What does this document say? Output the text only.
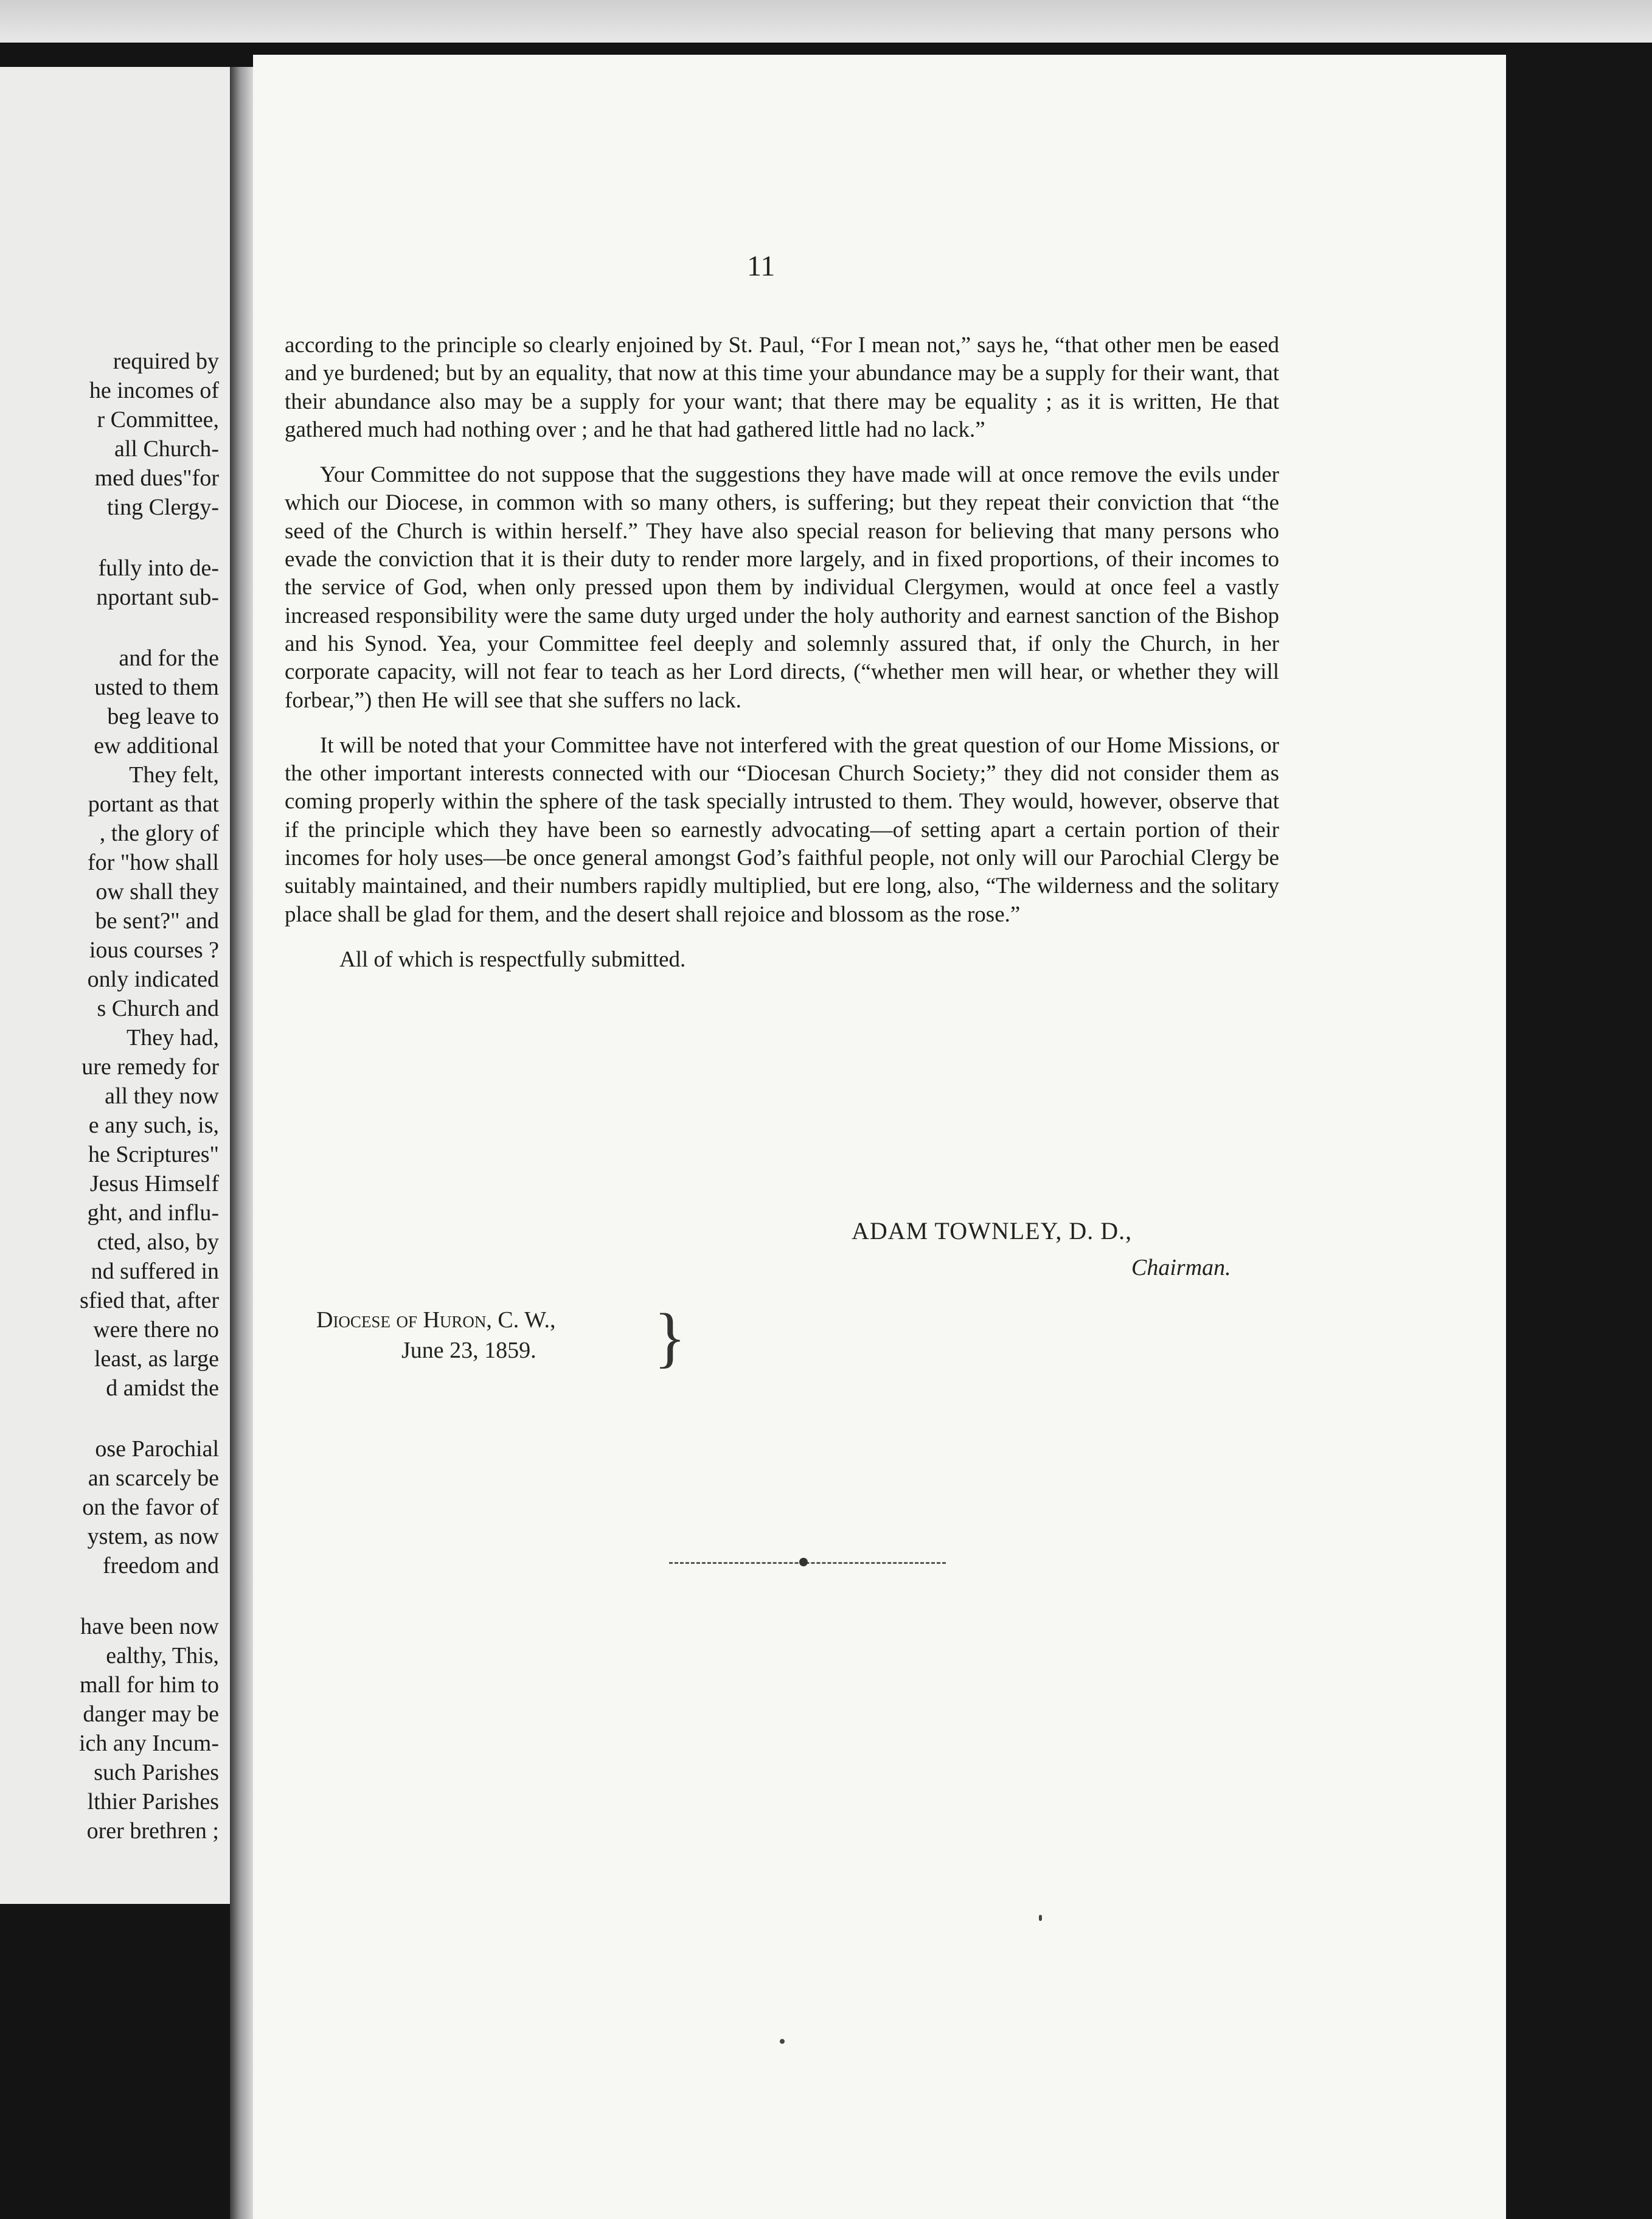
required by
he incomes of
r Committee,
all Church-
med dues"for
ting Clergy-
fully into de-
nportant sub-
and for the
usted to them
beg leave to
ew additional
They felt,
portant as that
, the glory of
for "how shall
ow shall they
be sent?" and
ious courses ?
only indicated
s Church and
They had,
ure remedy for
all they now
e any such, is,
he Scriptures"
Jesus Himself
ght, and influ-
cted, also, by
nd suffered in
sfied that, after
were there no
least, as large
d amidst the
ose Parochial
an scarcely be
on the favor of
ystem, as now
freedom and
have been now
ealthy, This,
mall for him to
danger may be
ich any Incum-
such Parishes
lthier Parishes
orer brethren ;
11

according to the principle so clearly enjoined by St. Paul, “For I mean not,” says he, “that other men be eased and ye burdened; but by an equality, that now at this time your abundance may be a supply for their want, that their abundance also may be a supply for your want; that there may be equality ; as it is written, He that gathered much had nothing over ; and he that had gathered little had no lack.”

Your Committee do not suppose that the suggestions they have made will at once remove the evils under which our Diocese, in common with so many others, is suffering; but they repeat their conviction that “the seed of the Church is within herself.” They have also special reason for believing that many persons who evade the conviction that it is their duty to render more largely, and in fixed proportions, of their incomes to the service of God, when only pressed upon them by individual Clergymen, would at once feel a vastly increased responsibility were the same duty urged under the holy authority and earnest sanction of the Bishop and his Synod. Yea, your Committee feel deeply and solemnly assured that, if only the Church, in her corporate capacity, will not fear to teach as her Lord directs, (“whether men will hear, or whether they will forbear,”) then He will see that she suffers no lack.

It will be noted that your Committee have not interfered with the great question of our Home Missions, or the other important interests connected with our “Diocesan Church Society;” they did not consider them as coming properly within the sphere of the task specially intrusted to them. They would, however, observe that if the principle which they have been so earnestly advocating—of setting apart a certain portion of their incomes for holy uses—be once general amongst God’s faithful people, not only will our Parochial Clergy be suitably maintained, and their numbers rapidly multiplied, but ere long, also, “The wilderness and the solitary place shall be glad for them, and the desert shall rejoice and blossom as the rose.”

All of which is respectfully submitted.

ADAM TOWNLEY, D. D.,
Chairman.
Diocese of Huron, C. W.,
June 23, 1859. }
